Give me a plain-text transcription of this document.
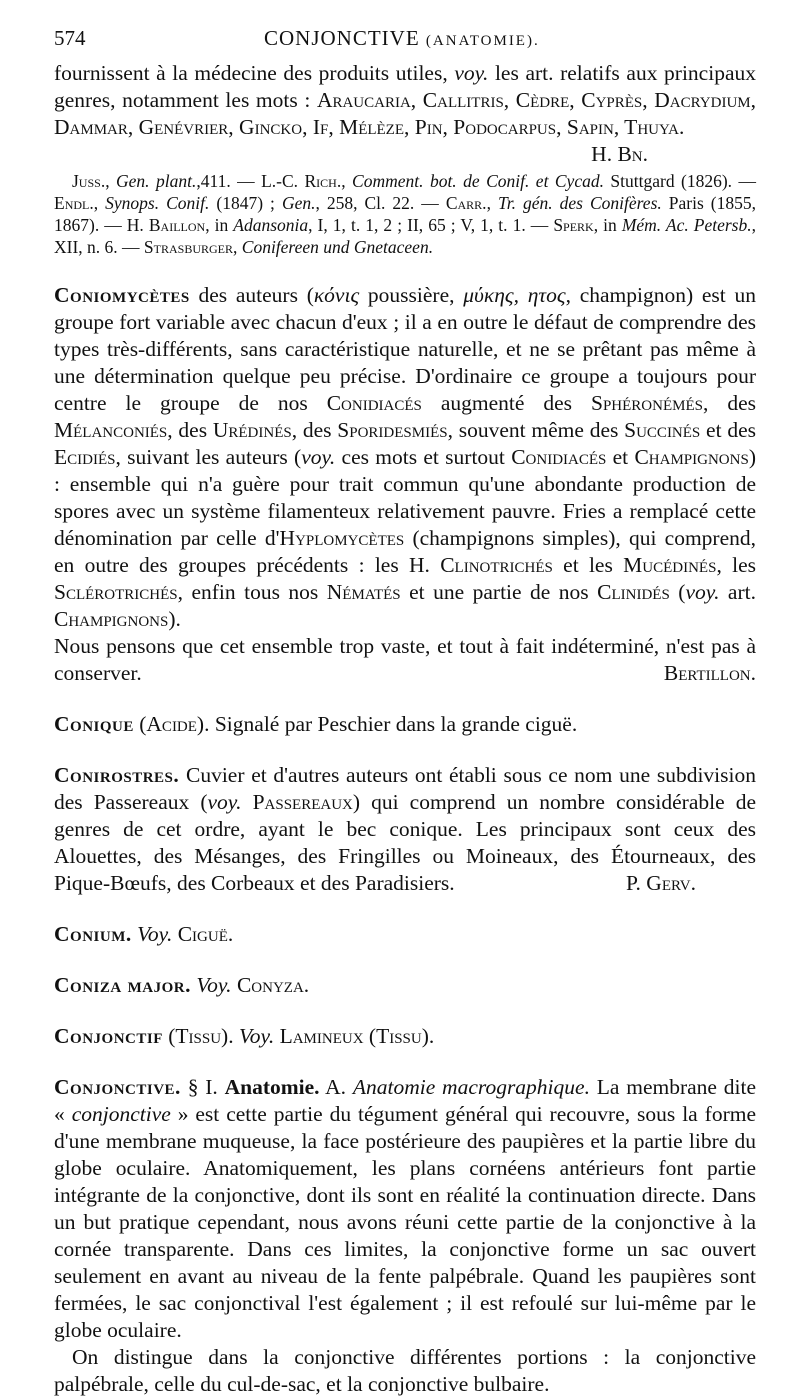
574	CONJONCTIVE (ANATOMIE).

fournissent à la médecine des produits utiles, voy. les art. relatifs aux principaux genres, notamment les mots : Araucaria, Callitris, Cèdre, Cyprès, Dacrydium, Dammar, Genévrier, Gincko, If, Mélèze, Pin, Podocarpus, Sapin, Thuya.

H. Bn.

Juss., Gen. plant.,411. — L.-C. Rich., Comment. bot. de Conif. et Cycad. Stuttgard (1826). — Endl., Synops. Conif. (1847) ; Gen., 258, Cl. 22. — Carr., Tr. gén. des Conifères. Paris (1855, 1867). — H. Baillon, in Adansonia, I, 1, t. 1, 2 ; II, 65 ; V, 1, t. 1. — Sperk, in Mém. Ac. Petersb., XII, n. 6. — Strasburger, Conifereen und Gnetaceen.

Coniomycètes des auteurs (κόνις poussière, μύκης, ητος, champignon) est un groupe fort variable avec chacun d'eux ; il a en outre le défaut de comprendre des types très-différents, sans caractéristique naturelle, et ne se prêtant pas même à une détermination quelque peu précise. D'ordinaire ce groupe a toujours pour centre le groupe de nos Conidiacés augmenté des Sphéronémés, des Mélanconiés, des Urédinés, des Sporidesmiés, souvent même des Succinés et des Ecidiés, suivant les auteurs (voy. ces mots et surtout Conidiacés et Champignons) : ensemble qui n'a guère pour trait commun qu'une abondante production de spores avec un système filamenteux relativement pauvre. Fries a remplacé cette dénomination par celle d'Hyplomycètes (champignons simples), qui comprend, en outre des groupes précédents : les H. Clinotrichés et les Mucédinés, les Sclérotrichés, enfin tous nos Nématés et une partie de nos Clinidés (voy. art. Champignons).

Nous pensons que cet ensemble trop vaste, et tout à fait indéterminé, n'est pas à conserver.	Bertillon.

Conique (Acide). Signalé par Peschier dans la grande ciguë.

Conirostres. Cuvier et d'autres auteurs ont établi sous ce nom une subdivision des Passereaux (voy. Passereaux) qui comprend un nombre considérable de genres de cet ordre, ayant le bec conique. Les principaux sont ceux des Alouettes, des Mésanges, des Fringilles ou Moineaux, des Étourneaux, des Pique-Bœufs, des Corbeaux et des Paradisiers.	P. Gerv.

Conium. Voy. Ciguë.

Coniza major. Voy. Conyza.

Conjonctif (Tissu). Voy. Lamineux (Tissu).

Conjonctive. § I. Anatomie. A. Anatomie macrographique. La membrane dite « conjonctive » est cette partie du tégument général qui recouvre, sous la forme d'une membrane muqueuse, la face postérieure des paupières et la partie libre du globe oculaire. Anatomiquement, les plans cornéens antérieurs font partie intégrante de la conjonctive, dont ils sont en réalité la continuation directe. Dans un but pratique cependant, nous avons réuni cette partie de la conjonctive à la cornée transparente. Dans ces limites, la conjonctive forme un sac ouvert seulement en avant au niveau de la fente palpébrale. Quand les paupières sont fermées, le sac conjonctival l'est également ; il est refoulé sur lui-même par le globe oculaire.

On distingue dans la conjonctive différentes portions : la conjonctive palpébrale, celle du cul-de-sac, et la conjonctive bulbaire.
